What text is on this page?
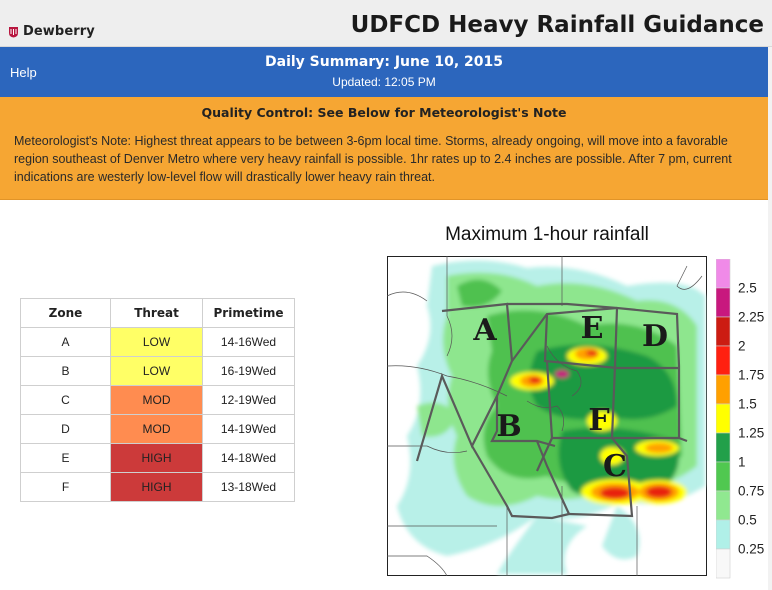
Dewberry	UDFCD Heavy Rainfall Guidance
Help
Daily Summary: June 10, 2015
Updated: 12:05 PM
Quality Control: See Below for Meteorologist's Note
Meteorologist's Note: Highest threat appears to be between 3-6pm local time. Storms, already ongoing, will move into a favorable region southeast of Denver Metro where very heavy rainfall is possible. 1hr rates up to 2.4 inches are possible. After 7 pm, current indications are westerly low-level flow will drastically lower heavy rain threat.
Zone	Threat	Primetime
A	LOW	14-16Wed
B	LOW	16-19Wed
C	MOD	12-19Wed
D	MOD	14-19Wed
E	HIGH	14-18Wed
F	HIGH	13-18Wed
Maximum 1-hour rainfall
A
B
C
D
E
F
2.5
2.25
2
1.75
1.5
1.25
1
0.75
0.5
0.25
